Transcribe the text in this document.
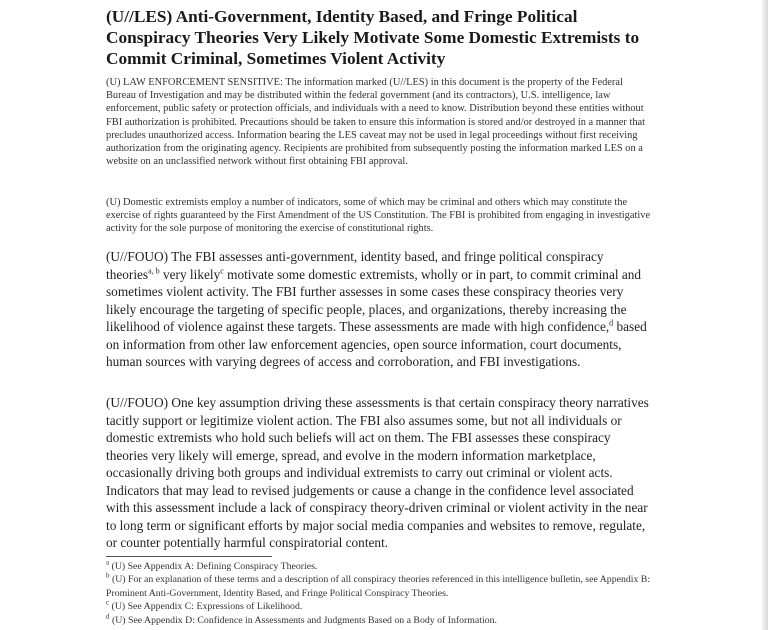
(U//LES) Anti-Government, Identity Based, and Fringe Political Conspiracy Theories Very Likely Motivate Some Domestic Extremists to Commit Criminal, Sometimes Violent Activity

(U) LAW ENFORCEMENT SENSITIVE: The information marked (U//LES) in this document is the property of the Federal Bureau of Investigation and may be distributed within the federal government (and its contractors), U.S. intelligence, law enforcement, public safety or protection officials, and individuals with a need to know. Distribution beyond these entities without FBI authorization is prohibited. Precautions should be taken to ensure this information is stored and/or destroyed in a manner that precludes unauthorized access. Information bearing the LES caveat may not be used in legal proceedings without first receiving authorization from the originating agency. Recipients are prohibited from subsequently posting the information marked LES on a website on an unclassified network without first obtaining FBI approval.

(U) Domestic extremists employ a number of indicators, some of which may be criminal and others which may constitute the exercise of rights guaranteed by the First Amendment of the US Constitution. The FBI is prohibited from engaging in investigative activity for the sole purpose of monitoring the exercise of constitutional rights.

(U//FOUO) The FBI assesses anti-government, identity based, and fringe political conspiracy theories$^{a, b}$ very likely$^c$ motivate some domestic extremists, wholly or in part, to commit criminal and sometimes violent activity. The FBI further assesses in some cases these conspiracy theories very likely encourage the targeting of specific people, places, and organizations, thereby increasing the likelihood of violence against these targets. These assessments are made with high confidence,$^d$ based on information from other law enforcement agencies, open source information, court documents, human sources with varying degrees of access and corroboration, and FBI investigations.

(U//FOUO) One key assumption driving these assessments is that certain conspiracy theory narratives tacitly support or legitimize violent action. The FBI also assumes some, but not all individuals or domestic extremists who hold such beliefs will act on them. The FBI assesses these conspiracy theories very likely will emerge, spread, and evolve in the modern information marketplace, occasionally driving both groups and individual extremists to carry out criminal or violent acts. Indicators that may lead to revised judgements or cause a change in the confidence level associated with this assessment include a lack of conspiracy theory-driven criminal or violent activity in the near to long term or significant efforts by major social media companies and websites to remove, regulate, or counter potentially harmful conspiratorial content.

$^a$ (U) See Appendix A: Defining Conspiracy Theories.
$^b$ (U) For an explanation of these terms and a description of all conspiracy theories referenced in this intelligence bulletin, see Appendix B: Prominent Anti-Government, Identity Based, and Fringe Political Conspiracy Theories.
$^c$ (U) See Appendix C: Expressions of Likelihood.
$^d$ (U) See Appendix D: Confidence in Assessments and Judgments Based on a Body of Information.
